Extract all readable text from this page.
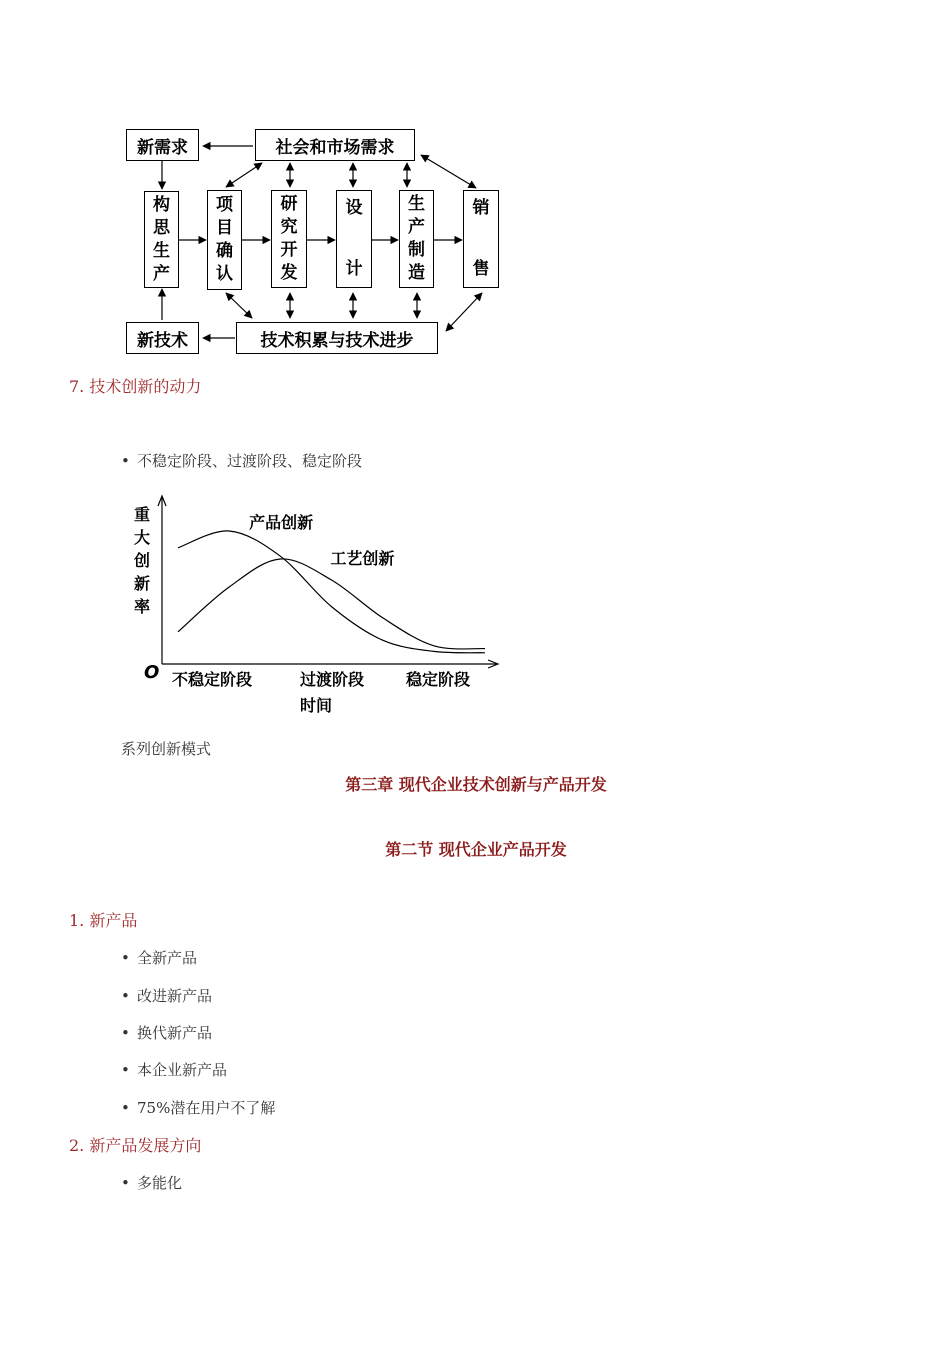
新需求	社会和市场需求
构
思
生
产
项
目
确
认
研
究
开
发
设
计
生
产
制
造
销
售
新技术	技术积累与技术进步
7. 技术创新的动力
• 不稳定阶段、过渡阶段、稳定阶段
产品创新
工艺创新
重
大
创
新
率
O 不稳定阶段	过渡阶段	稳定阶段
时间
系列创新模式
第三章 现代企业技术创新与产品开发
第二节 现代企业产品开发
1. 新产品
• 全新产品
• 改进新产品
• 换代新产品
• 本企业新产品
• 75%潜在用户不了解
2. 新产品发展方向
• 多能化
